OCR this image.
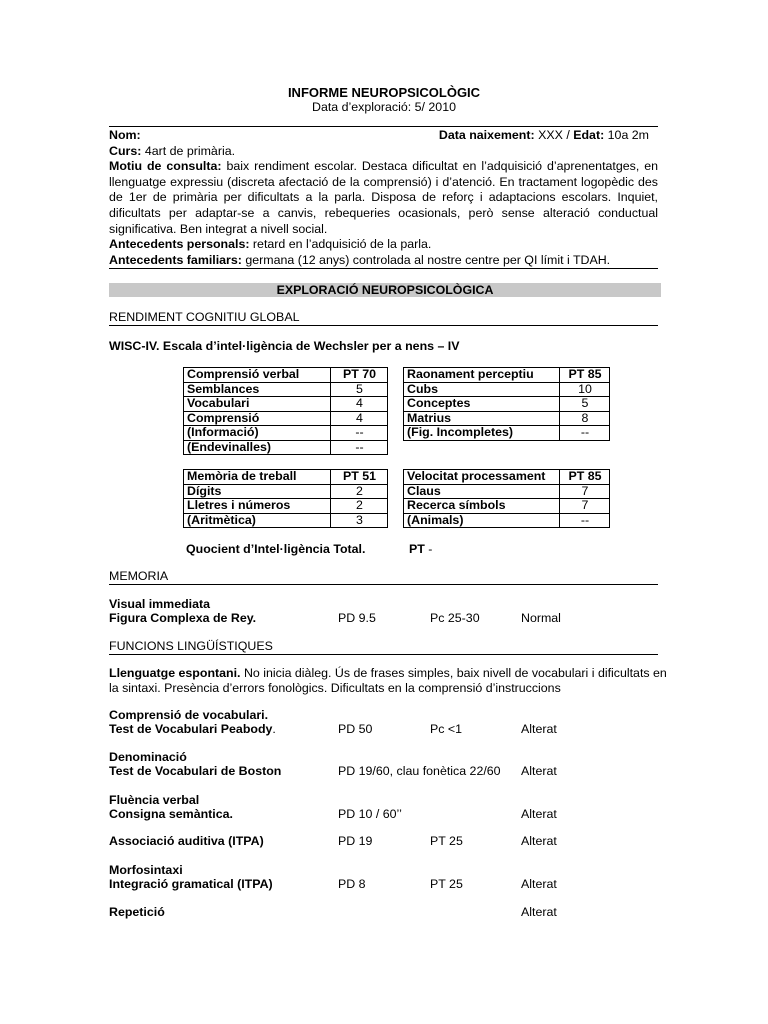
INFORME NEUROPSICOLÒGIC
Data d’exploració: 5/ 2010

Nom:	Data naixement: XXX / Edat: 10a 2m

Curs: 4art de primària.

Motiu de consulta: baix rendiment escolar. Destaca dificultat en l’adquisició d’aprenentatges, en llenguatge expressiu (discreta afectació de la comprensió) i d’atenció. En tractament logopèdic des de 1er de primària per dificultats a la parla. Disposa de reforç i adaptacions escolars. Inquiet, dificultats per adaptar-se a canvis, rebequeries ocasionals, però sense alteració conductual significativa. Ben integrat a nivell social.

Antecedents personals: retard en l’adquisició de la parla.

Antecedents familiars: germana (12 anys) controlada al nostre centre per QI límit i TDAH.

EXPLORACIÓ NEUROPSICOLÒGICA
RENDIMENT COGNITIU GLOBAL
WISC-IV. Escala d’intel·ligència de Wechsler per a nens – IV
Comprensió verbal	PT 70
Semblances	5
Vocabulari	4
Comprensió	4
(Informació)	--
(Endevinalles)	--
Raonament perceptiu	PT 85
Cubs	10
Conceptes	5
Matrius	8
(Fig. Incompletes)	--
Memòria de treball	PT 51
Dígits	2
Lletres i números	2
(Aritmètica)	3
Velocitat processament	PT 85
Claus	7
Recerca símbols	7
(Animals)	--
Quocient d’Intel·ligència Total.	PT -
MEMORIA
Visual immediata
Figura Complexa de Rey.	PD 9.5	Pc 25-30	Normal
FUNCIONS LINGÜÍSTIQUES
Llenguatge espontani. No inicia diàleg. Ús de frases simples, baix nivell de vocabulari i dificultats en la sintaxi. Presència d’errors fonològics. Dificultats en la comprensió d’instruccions
Comprensió de vocabulari.
Test de Vocabulari Peabody.	PD 50	Pc <1	Alterat
Denominació
Test de Vocabulari de Boston	PD 19/60, clau fonètica 22/60 Alterat
Fluència verbal
Consigna semàntica.	PD 10 / 60’’	Alterat
Associació auditiva (ITPA)	PD 19	PT 25	Alterat
Morfosintaxi
Integració gramatical (ITPA)	PD 8	PT 25	Alterat
Repetició	Alterat
